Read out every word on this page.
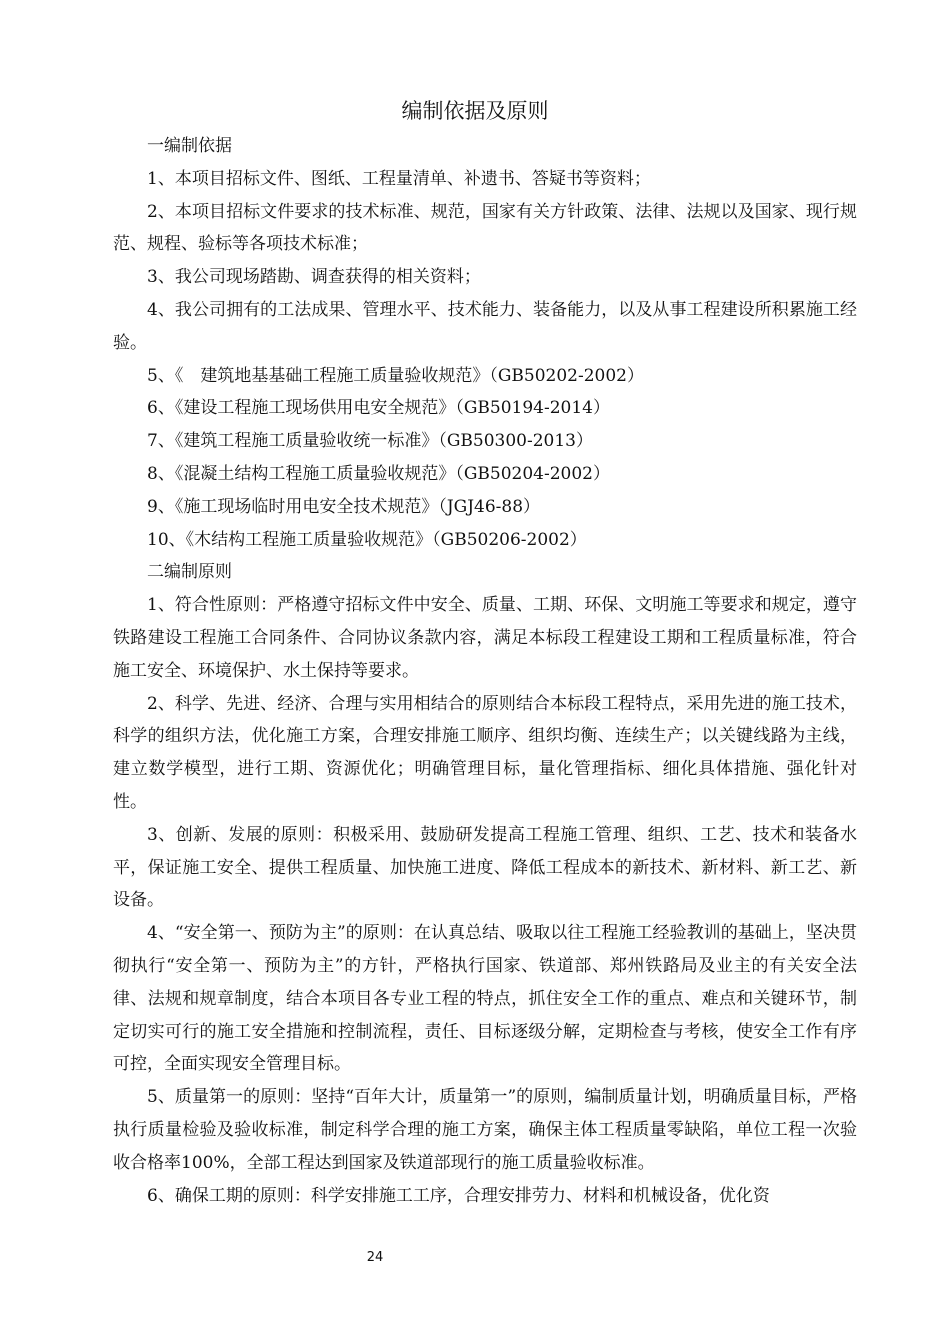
编制依据及原则

一编制依据

1、本项目招标文件、图纸、工程量清单、补遗书、答疑书等资料；

2、本项目招标文件要求的技术标准、规范，国家有关方针政策、法律、法规以及国家、现行规范、规程、验标等各项技术标准；

3、我公司现场踏勘、调查获得的相关资料；

4、我公司拥有的工法成果、管理水平、技术能力、装备能力，以及从事工程建设所积累施工经验。

5、《　建筑地基基础工程施工质量验收规范》（GB50202-2002）

6、《建设工程施工现场供用电安全规范》（GB50194-2014）

7、《建筑工程施工质量验收统一标准》（GB50300-2013）

8、《混凝土结构工程施工质量验收规范》（GB50204-2002）

9、《施工现场临时用电安全技术规范》（JGJ46-88）

10、《木结构工程施工质量验收规范》（GB50206-2002）

二编制原则

1、符合性原则：严格遵守招标文件中安全、质量、工期、环保、文明施工等要求和规定，遵守铁路建设工程施工合同条件、合同协议条款内容，满足本标段工程建设工期和工程质量标准，符合施工安全、环境保护、水土保持等要求。

2、科学、先进、经济、合理与实用相结合的原则结合本标段工程特点，采用先进的施工技术，科学的组织方法，优化施工方案，合理安排施工顺序、组织均衡、连续生产；以关键线路为主线，建立数学模型，进行工期、资源优化；明确管理目标，量化管理指标、细化具体措施、强化针对性。

3、创新、发展的原则：积极采用、鼓励研发提高工程施工管理、组织、工艺、技术和装备水平，保证施工安全、提供工程质量、加快施工进度、降低工程成本的新技术、新材料、新工艺、新设备。

4、“安全第一、预防为主”的原则：在认真总结、吸取以往工程施工经验教训的基础上，坚决贯彻执行“安全第一、预防为主”的方针，严格执行国家、铁道部、郑州铁路局及业主的有关安全法律、法规和规章制度，结合本项目各专业工程的特点，抓住安全工作的重点、难点和关键环节，制定切实可行的施工安全措施和控制流程，责任、目标逐级分解，定期检查与考核，使安全工作有序可控，全面实现安全管理目标。

5、质量第一的原则：坚持“百年大计，质量第一”的原则，编制质量计划，明确质量目标，严格执行质量检验及验收标准，制定科学合理的施工方案，确保主体工程质量零缺陷，单位工程一次验收合格率100%，全部工程达到国家及铁道部现行的施工质量验收标准。

6、确保工期的原则：科学安排施工工序，合理安排劳力、材料和机械设备，优化资

24
